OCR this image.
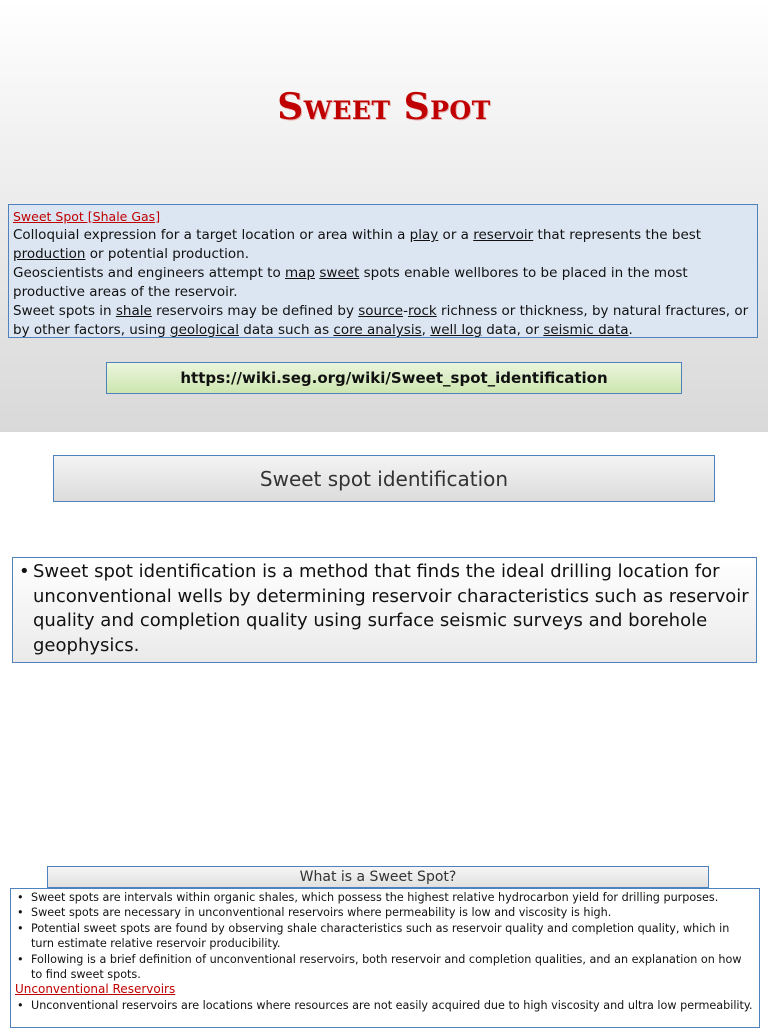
Sweet Spot
Sweet Spot [Shale Gas]

Colloquial expression for a target location or area within a play or a reservoir that represents the best production or potential production.

Geoscientists and engineers attempt to map sweet spots enable wellbores to be placed in the most productive areas of the reservoir.

Sweet spots in shale reservoirs may be defined by source-rock richness or thickness, by natural fractures, or by other factors, using geological data such as core analysis, well log data, or seismic data.

https://wiki.seg.org/wiki/Sweet_spot_identification
Sweet spot identification
• Sweet spot identification is a method that finds the ideal drilling location for unconventional wells by determining reservoir characteristics such as reservoir quality and completion quality using surface seismic surveys and borehole geophysics.
What is a Sweet Spot?
• Sweet spots are intervals within organic shales, which possess the highest relative hydrocarbon yield for drilling purposes.
• Sweet spots are necessary in unconventional reservoirs where permeability is low and viscosity is high.
• Potential sweet spots are found by observing shale characteristics such as reservoir quality and completion quality, which in turn estimate relative reservoir producibility.
• Following is a brief definition of unconventional reservoirs, both reservoir and completion qualities, and an explanation on how to find sweet spots.
Unconventional Reservoirs
• Unconventional reservoirs are locations where resources are not easily acquired due to high viscosity and ultra low permeability.
